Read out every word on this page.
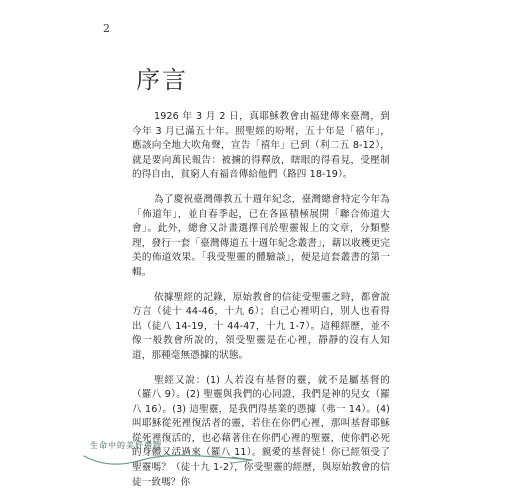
2
序言

1926 年 3 月 2 日，真耶穌教會由福建傳來臺灣，到今年 3 月已滿五十年。照聖經的吩咐，五十年是「禧年」，應該向全地大吹角聲，宣告「禧年」已到（利二五 8-12），就是要向萬民報告：被擄的得釋放，瞎眼的得看見，受壓制的得自由，貧窮人有福音傳給他們（路四 18-19）。

為了慶祝臺灣傳教五十週年紀念，臺灣總會特定今年為「佈道年」，並自春季起，已在各區積極展開「聯合佈道大會」。此外，總會又計畫選擇刊於聖靈報上的文章，分類整理，發行一套「臺灣傳道五十週年紀念叢書」，藉以收穫更完美的佈道效果。「我受聖靈的體驗談」，便是這套叢書的第一輯。

依據聖經的記錄，原始教會的信徒受聖靈之時，都會說方言（徒十 44-46，十九 6）；自己心裡明白，別人也看得出（徒八 14-19，十 44-47，十九 1-7）。這種經歷，並不像一般教會所說的，領受聖靈是在心裡，靜靜的沒有人知道，那種毫無憑據的狀態。

聖經又說：(1) 人若沒有基督的靈，就不是屬基督的（羅八 9）。(2) 聖靈與我們的心同證，我們是神的兒女（羅八 16）。(3) 這聖靈，是我們得基業的憑據（弗一 14）。(4) 叫耶穌從死裡復活者的靈，若住在你們心裡，那叫基督耶穌從死裡復活的，也必藉著住在你們心裡的聖靈，使你們必死的身體又活過來（羅八 11）。親愛的基督徒！你已經領受了聖靈嗎？（徒十九 1-2），你受聖靈的經歷，與原始教會的信徒一致嗎？你

生命中的美好禮物
